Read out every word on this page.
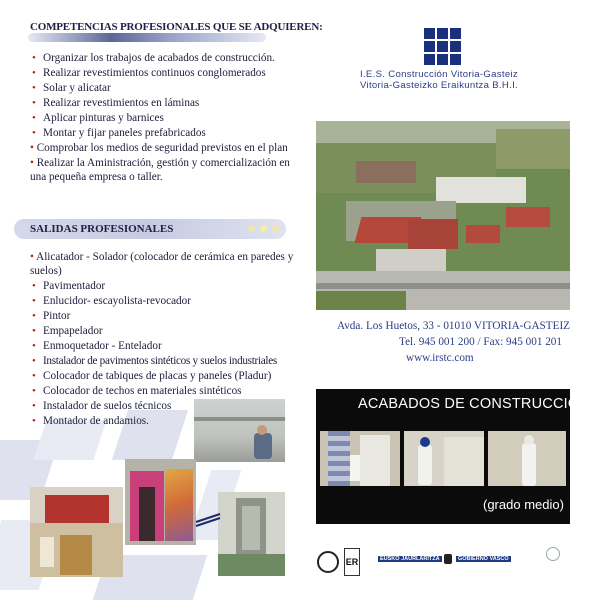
COMPETENCIAS PROFESIONALES QUE SE ADQUIEREN:
• Organizar los trabajos de acabados de construcción.
• Realizar revestimientos continuos conglomerados
• Solar y alicatar
• Realizar revestimientos en láminas
• Aplicar pinturas y barnices
• Montar y fijar paneles prefabricados
• Comprobar los medios de seguridad previstos en el plan
• Realizar la Aministración, gestión y comercialización en una pequeña empresa o taller.
SALIDAS PROFESIONALES
• Alicatador - Solador (colocador de cerámica en paredes y suelos)
• Pavimentador
• Enlucidor- escayolista-revocador
• Pintor
• Empapelador
• Enmoquetador - Entelador
• Instalador de pavimentos sintéticos y suelos industriales
• Colocador de tabiques de placas y paneles (Pladur)
• Colocador de techos en materiales sintéticos
• Instalador de suelos técnicos
• Montador de andamios.
I.E.S. Construcción Vitoria-Gasteiz
Vitoria-Gasteizko Eraikuntza B.H.I.
Avda. Los Huetos, 33 - 01010 VITORIA-GASTEIZ
Tel. 945 001 200 / Fax: 945 001 201
www.irstc.com
ACABADOS DE CONSTRUCCIÓN
(grado medio)
ER	EUSKO JAURLARITZA	GOBIERNO VASCO
